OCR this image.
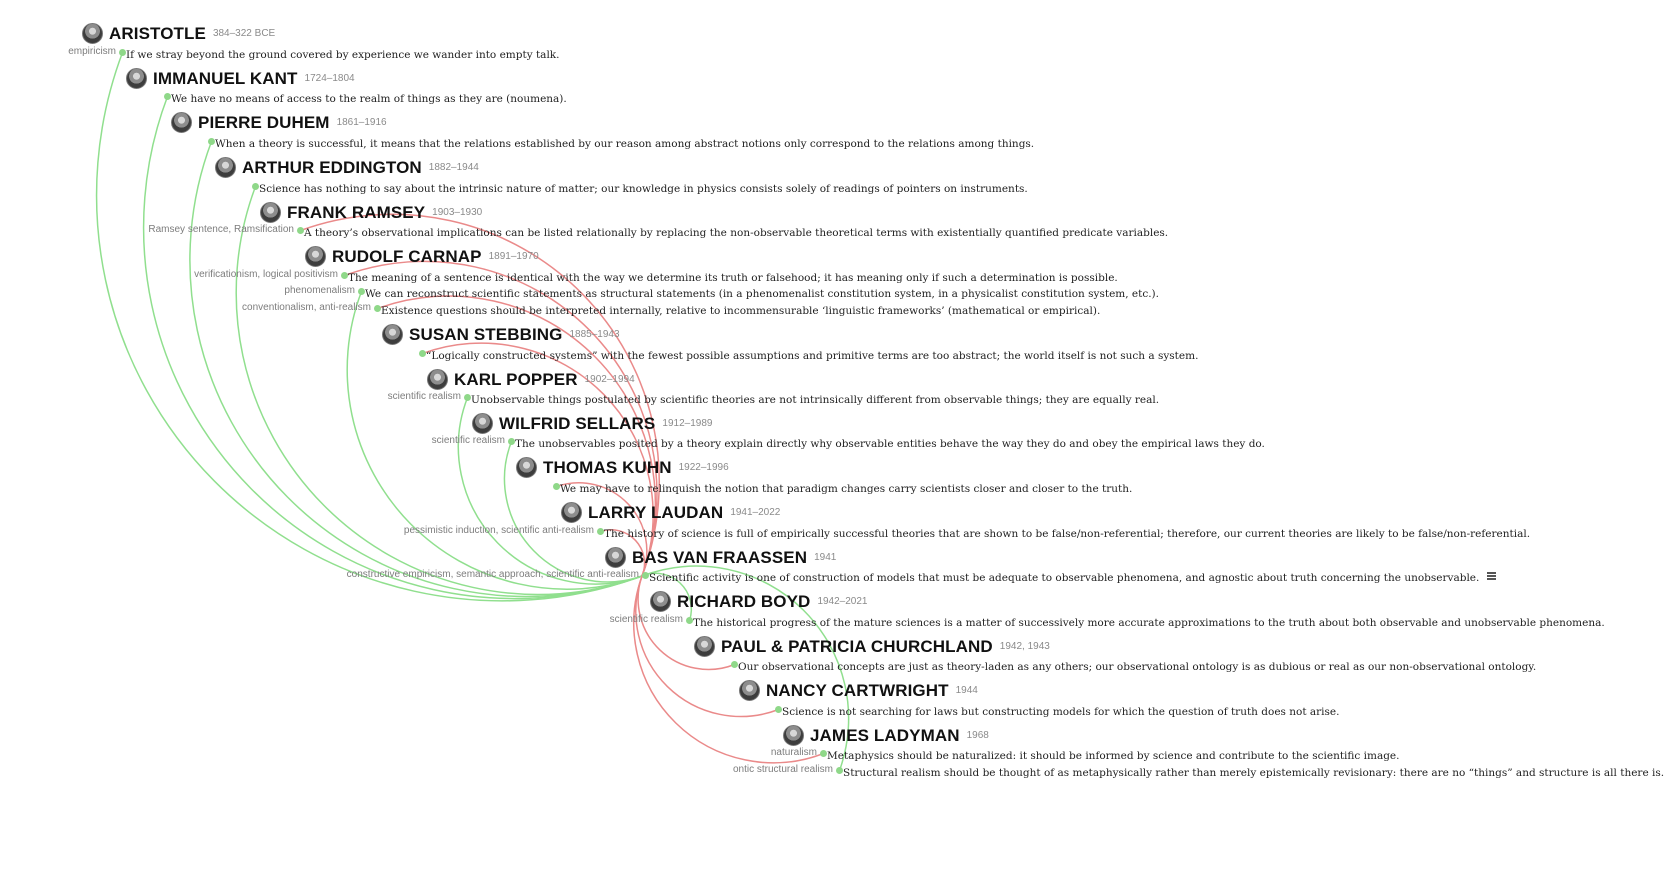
ARISTOTLE 384–322 BCE
empiricism If we stray beyond the ground covered by experience we wander into empty talk.
IMMANUEL KANT 1724–1804
We have no means of access to the realm of things as they are (noumena).
PIERRE DUHEM 1861–1916
When a theory is successful, it means that the relations established by our reason among abstract notions only correspond to the relations among things.
ARTHUR EDDINGTON 1882–1944
Science has nothing to say about the intrinsic nature of matter; our knowledge in physics consists solely of readings of pointers on instruments.
FRANK RAMSEY 1903–1930
Ramsey sentence, Ramsification A theory’s observational implications can be listed relationally by replacing the non-observable theoretical terms with existentially quantified predicate variables.
RUDOLF CARNAP 1891–1970
verificationism, logical positivism The meaning of a sentence is identical with the way we determine its truth or falsehood; it has meaning only if such a determination is possible.
phenomenalism We can reconstruct scientific statements as structural statements (in a phenomenalist constitution system, in a physicalist constitution system, etc.).
conventionalism, anti-realism Existence questions should be interpreted internally, relative to incommensurable ‘linguistic frameworks’ (mathematical or empirical).
SUSAN STEBBING 1885–1943
“Logically constructed systems” with the fewest possible assumptions and primitive terms are too abstract; the world itself is not such a system.
KARL POPPER 1902–1994
scientific realism Unobservable things postulated by scientific theories are not intrinsically different from observable things; they are equally real.
WILFRID SELLARS 1912–1989
scientific realism The unobservables posited by a theory explain directly why observable entities behave the way they do and obey the empirical laws they do.
THOMAS KUHN 1922–1996
We may have to relinquish the notion that paradigm changes carry scientists closer and closer to the truth.
LARRY LAUDAN 1941–2022
pessimistic induction, scientific anti-realism The history of science is full of empirically successful theories that are shown to be false/non-referential; therefore, our current theories are likely to be false/non-referential.
BAS VAN FRAASSEN 1941
constructive empiricism, semantic approach, scientific anti-realism Scientific activity is one of construction of models that must be adequate to observable phenomena, and agnostic about truth concerning the unobservable.
RICHARD BOYD 1942–2021
scientific realism The historical progress of the mature sciences is a matter of successively more accurate approximations to the truth about both observable and unobservable phenomena.
PAUL & PATRICIA CHURCHLAND 1942, 1943
Our observational concepts are just as theory-laden as any others; our observational ontology is as dubious or real as our non-observational ontology.
NANCY CARTWRIGHT 1944
Science is not searching for laws but constructing models for which the question of truth does not arise.
JAMES LADYMAN 1968
naturalism Metaphysics should be naturalized: it should be informed by science and contribute to the scientific image.
ontic structural realism Structural realism should be thought of as metaphysically rather than merely epistemically revisionary: there are no “things” and structure is all there is.
